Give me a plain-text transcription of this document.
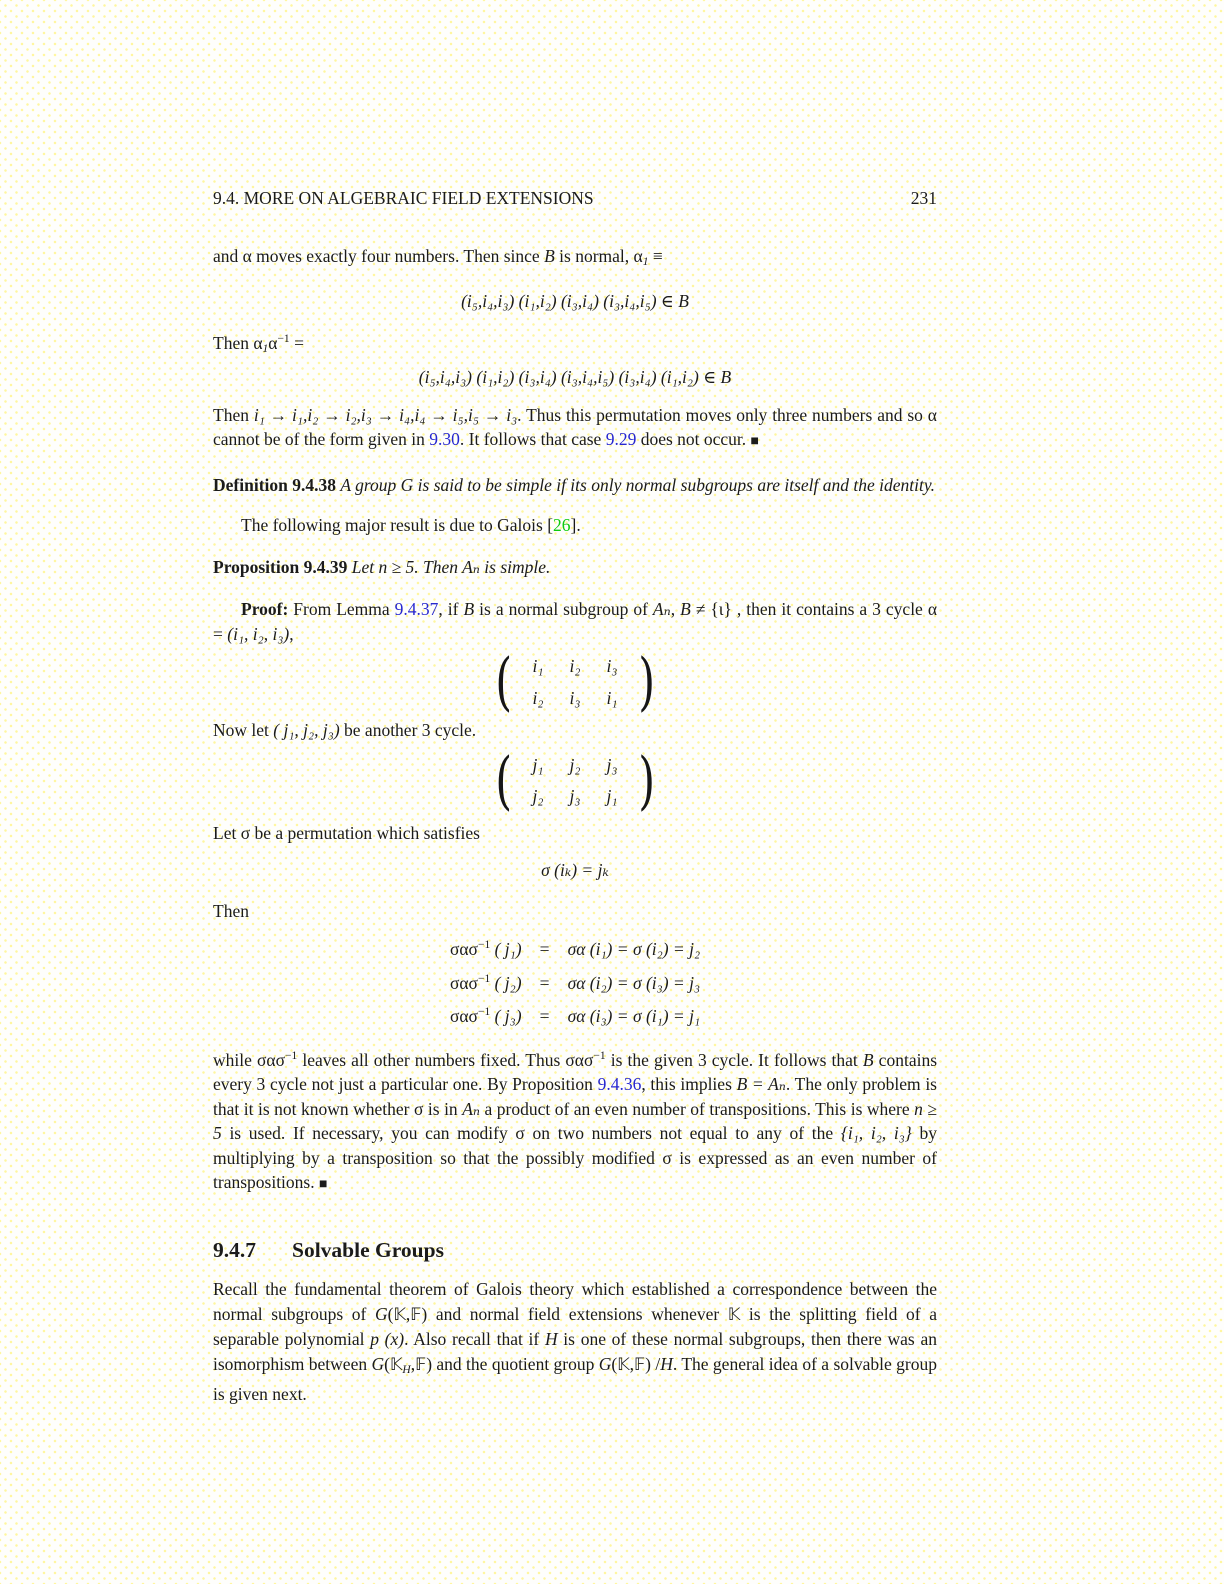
9.4. MORE ON ALGEBRAIC FIELD EXTENSIONS	231

and α moves exactly four numbers. Then since B is normal, $\alpha_1$ ≡

(i₅,i₄,i₃) (i₁,i₂) (i₃,i₄) (i₃,i₄,i₅) ∈ B

Then $\alpha_1\alpha^{-1}$ =

(i₅,i₄,i₃) (i₁,i₂) (i₃,i₄) (i₃,i₄,i₅) (i₃,i₄) (i₁,i₂) ∈ B

Then i₁ → i₁,i₂ → i₂,i₃ → i₄,i₄ → i₅,i₅ → i₃. Thus this permutation moves only three numbers and so α cannot be of the form given in 9.30. It follows that case 9.29 does not occur. ■

Definition 9.4.38 A group G is said to be simple if its only normal subgroups are itself and the identity.

The following major result is due to Galois [26].

Proposition 9.4.39 Let n ≥ 5. Then Aₙ is simple.

Proof: From Lemma 9.4.37, if B is a normal subgroup of Aₙ, B ≠ {ι} , then it contains a 3 cycle α = (i₁, i₂, i₃),

( i₁ i₂ i₃
i₂ i₃ i₁ )

Now let ( j₁, j₂, j₃) be another 3 cycle.

( j₁ j₂ j₃
j₂ j₃ j₁ )

Let σ be a permutation which satisfies

σ (iₖ) = jₖ

Then

σασ$^{-1}$ ( j₁) = σα (i₁) = σ (i₂) = j₂
σασ$^{-1}$ ( j₂) = σα (i₂) = σ (i₃) = j₃
σασ$^{-1}$ ( j₃) = σα (i₃) = σ (i₁) = j₁

while σασ$^{-1}$ leaves all other numbers fixed. Thus σασ$^{-1}$ is the given 3 cycle. It follows that B contains every 3 cycle not just a particular one. By Proposition 9.4.36, this implies B = Aₙ. The only problem is that it is not known whether σ is in Aₙ a product of an even number of transpositions. This is where n ≥ 5 is used. If necessary, you can modify σ on two numbers not equal to any of the {i₁, i₂, i₃} by multiplying by a transposition so that the possibly modified σ is expressed as an even number of transpositions. ■

9.4.7 Solvable Groups

Recall the fundamental theorem of Galois theory which established a correspondence between the normal subgroups of G(𝕂,𝔽) and normal field extensions whenever 𝕂 is the splitting field of a separable polynomial p (x). Also recall that if H is one of these normal subgroups, then there was an isomorphism between G(𝕂$_H$,𝔽) and the quotient group G(𝕂,𝔽) /H. The general idea of a solvable group is given next.
